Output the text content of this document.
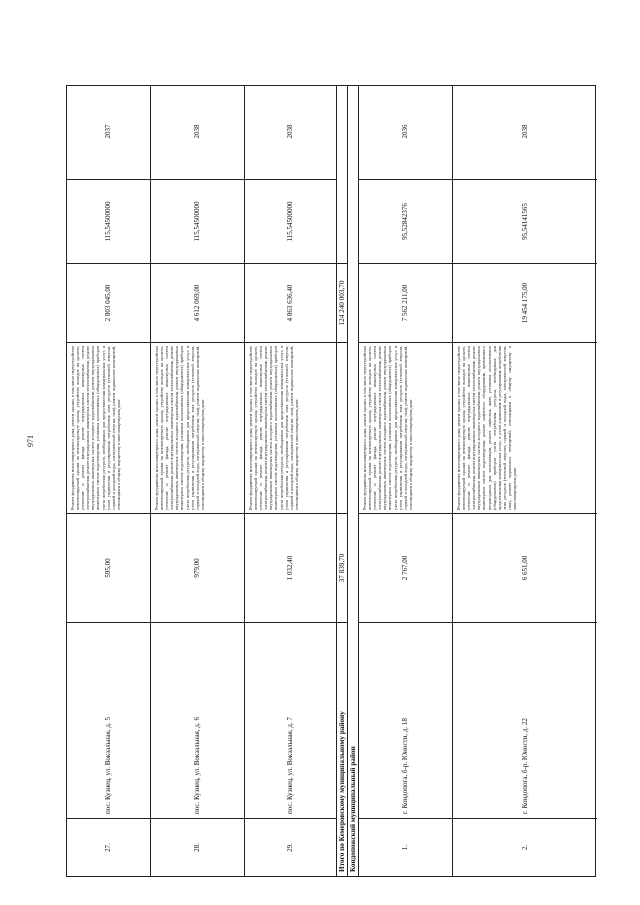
971
27.
пос. Кузнец, ул. Вокзальная, д. 5
595,00
Ремонт фундамента многоквартирного дома, ремонт крыши, в том числе переустройство невентилируемой крыши на вентилируемую крышу, устройство выходов на кровлю, утепление и ремонт фасада, ремонт внутридомовых инженерных систем электроснабжения, ремонт внутридомовых инженерных систем теплоснабжения, ремонт внутридомовых инженерных систем холодного водоснабжения, ремонт внутридомовых инженерных систем водоотведения, установка коллективных (общедомовых) приборов учета потребления ресурсов, необходимых для предоставления коммунальных услуг, и узлов управления и регулирования потребления этих ресурсов (тепловой энергии, горячей и холодной воды, электрической энергии, газа), ремонт подвальных помещений, относящихся к общему имуществу в многоквартирном доме
2 803 045,00
115,54500000
2037
28.
пос. Кузнец, ул. Вокзальная, д. 6
979,00
Ремонт фундамента многоквартирного дома, ремонт крыши, в том числе переустройство невентилируемой крыши на вентилируемую крышу, устройство выходов на кровлю, утепление и ремонт фасада, ремонт внутридомовых инженерных систем электроснабжения, ремонт внутридомовых инженерных систем теплоснабжения, ремонт внутридомовых инженерных систем холодного водоснабжения, ремонт внутридомовых инженерных систем водоотведения, установка коллективных (общедомовых) приборов учета потребления ресурсов, необходимых для предоставления коммунальных услуг, и узлов управления и регулирования потребления этих ресурсов (тепловой энергии, горячей и холодной воды, электрической энергии, газа), ремонт подвальных помещений, относящихся к общему имуществу в многоквартирном доме
4 612 069,00
115,54500000
2038
29.
пос. Кузнец, ул. Вокзальная, д. 7
1 032,40
Ремонт фундамента многоквартирного дома, ремонт крыши, в том числе переустройство невентилируемой крыши на вентилируемую крышу, устройство выходов на кровлю, утепление и ремонт фасада, ремонт внутридомовых инженерных систем электроснабжения, ремонт внутридомовых инженерных систем теплоснабжения, ремонт внутридомовых инженерных систем холодного водоснабжения, ремонт внутридомовых инженерных систем водоотведения, установка коллективных (общедомовых) приборов учета потребления ресурсов, необходимых для предоставления коммунальных услуг, и узлов управления и регулирования потребления этих ресурсов (тепловой энергии, горячей и холодной воды, электрической энергии, газа), ремонт подвальных помещений, относящихся к общему имуществу в многоквартирном доме
4 863 636,40
115,54500000
2038
Итого по Кемеровскому муниципальному району
37 839,70
124 240 003,70
Кондопожский муниципальный район	1.
г. Кондопога, б-р. Юности, д. 18
2 767,00
Ремонт фундамента многоквартирного дома, ремонт крыши, в том числе переустройство невентилируемой крыши на вентилируемую крышу, устройство выходов на кровлю, утепление и ремонт фасада, ремонт внутридомовых инженерных систем электроснабжения, ремонт внутридомовых инженерных систем теплоснабжения, ремонт внутридомовых инженерных систем холодного водоснабжения, ремонт внутридомовых инженерных систем водоотведения, установка коллективных (общедомовых) приборов учета потребления ресурсов, необходимых для предоставления коммунальных услуг, и узлов управления и регулирования потребления этих ресурсов (тепловой энергии, горячей и холодной воды, электрической энергии, газа), ремонт подвальных помещений, относящихся к общему имуществу в многоквартирном доме
7 562 211,00
95,52842376
2036
2.
г. Кондопога, б-р. Юности, д. 22
6 651,00
Ремонт фундамента многоквартирного дома, ремонт крыши, в том числе переустройство невентилируемой крыши на вентилируемую крышу, устройство выходов на кровлю, утепление и ремонт фасада, ремонт внутридомовых инженерных систем электроснабжения, ремонт внутридомовых инженерных систем теплоснабжения, ремонт внутридомовых инженерных систем холодного водоснабжения, ремонт внутридомовых инженерных систем водоотведения, ремонт лифтового оборудования, признанного непригодным для эксплуатации, ремонт лифтовых шахт, установка коллективных (общедомовых) приборов учета потребления ресурсов, необходимых для предоставления коммунальных услуг, и узлов управления и регулирования потребления этих ресурсов (тепловой энергии, горячей и холодной воды, электрической энергии, газа), ремонт подвальных помещений, относящихся к общему имуществу в многоквартирном доме
19 454 175,00
95,54141565
2038
